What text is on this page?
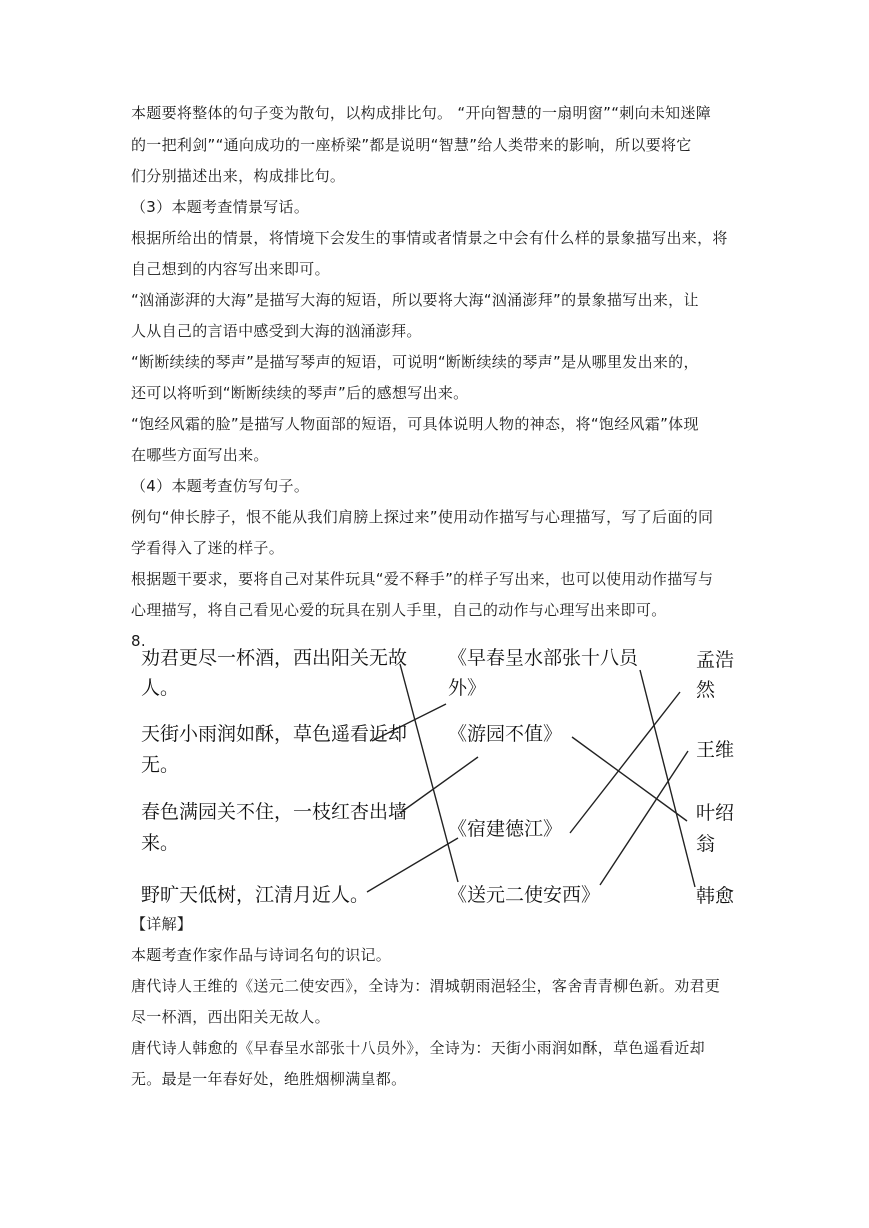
本题要将整体的句子变为散句，以构成排比句。 “开向智慧的一扇明窗”“刺向未知迷障
的一把利剑”“通向成功的一座桥梁”都是说明“智慧”给人类带来的影响，所以要将它
们分别描述出来，构成排比句。
（3）本题考查情景写话。
根据所给出的情景，将情境下会发生的事情或者情景之中会有什么样的景象描写出来，将
自己想到的内容写出来即可。
“汹涌澎湃的大海”是描写大海的短语，所以要将大海“汹涌澎拜”的景象描写出来，让
人从自己的言语中感受到大海的汹涌澎拜。
“断断续续的琴声”是描写琴声的短语，可说明“断断续续的琴声”是从哪里发出来的，
还可以将听到“断断续续的琴声”后的感想写出来。
“饱经风霜的脸”是描写人物面部的短语，可具体说明人物的神态，将“饱经风霜”体现
在哪些方面写出来。
（4）本题考查仿写句子。
例句“伸长脖子，恨不能从我们肩膀上探过来”使用动作描写与心理描写，写了后面的同
学看得入了迷的样子。
根据题干要求，要将自己对某件玩具“爱不释手”的样子写出来，也可以使用动作描写与
心理描写，将自己看见心爱的玩具在别人手里，自己的动作与心理写出来即可。
8.
劝君更尽一杯酒，西出阳关无故
人。
天街小雨润如酥，草色遥看近却
无。
春色满园关不住，一枝红杏出墙
来。
野旷天低树，江清月近人。
《早春呈水部张十八员
外》
《游园不值》
《宿建德江》
《送元二使安西》
孟浩
然
王维
叶绍
翁
韩愈
【详解】
本题考查作家作品与诗词名句的识记。
唐代诗人王维的《送元二使安西》，全诗为：渭城朝雨浥轻尘，客舍青青柳色新。劝君更
尽一杯酒，西出阳关无故人。
唐代诗人韩愈的《早春呈水部张十八员外》，全诗为：天街小雨润如酥，草色遥看近却
无。最是一年春好处，绝胜烟柳满皇都。
